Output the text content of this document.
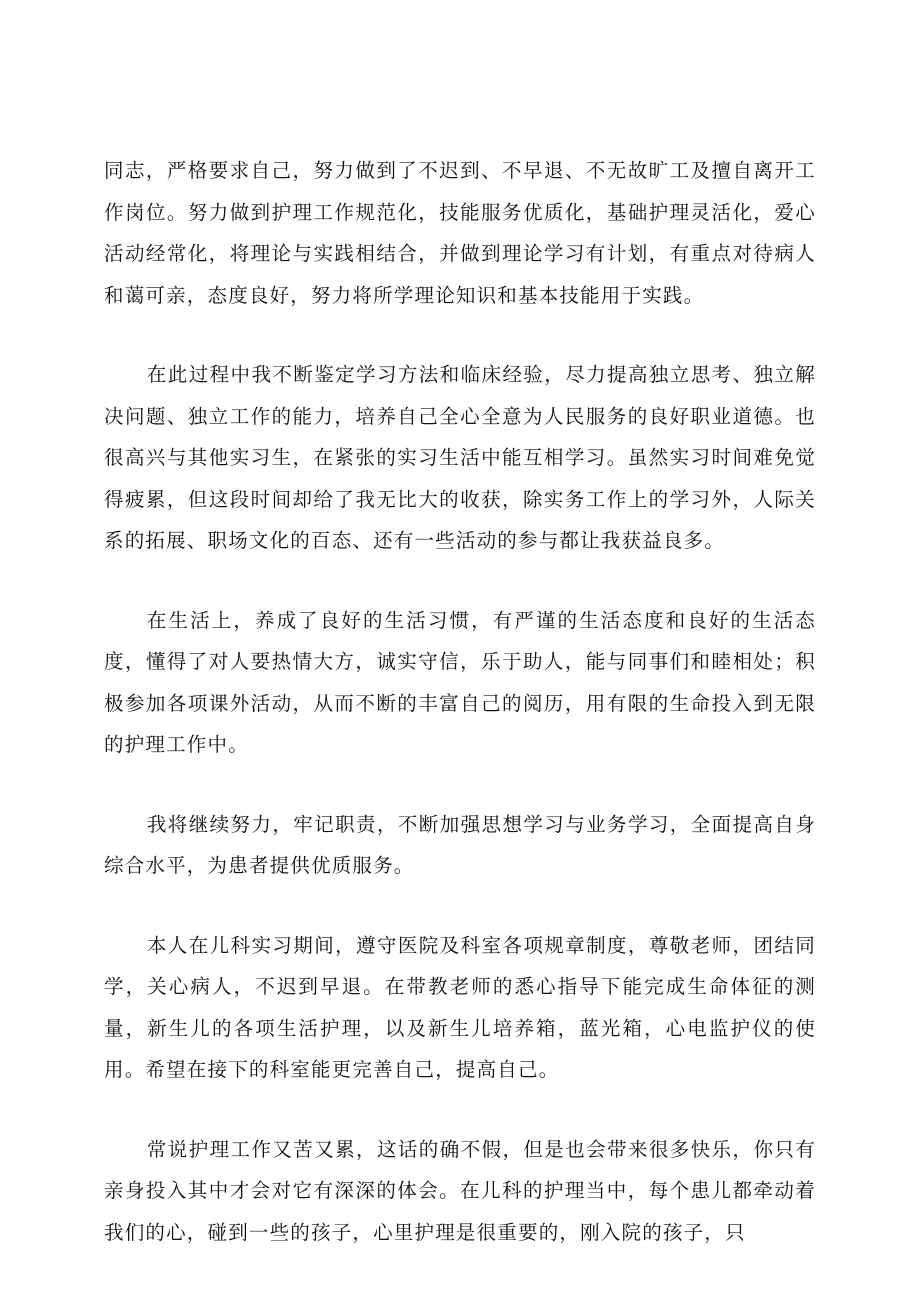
同志，严格要求自己，努力做到了不迟到、不早退、不无故旷工及擅自离开工作岗位。努力做到护理工作规范化，技能服务优质化，基础护理灵活化，爱心活动经常化，将理论与实践相结合，并做到理论学习有计划，有重点对待病人和蔼可亲，态度良好，努力将所学理论知识和基本技能用于实践。

在此过程中我不断鉴定学习方法和临床经验，尽力提高独立思考、独立解决问题、独立工作的能力，培养自己全心全意为人民服务的良好职业道德。也很高兴与其他实习生，在紧张的实习生活中能互相学习。虽然实习时间难免觉得疲累，但这段时间却给了我无比大的收获，除实务工作上的学习外，人际关系的拓展、职场文化的百态、还有一些活动的参与都让我获益良多。

在生活上，养成了良好的生活习惯，有严谨的生活态度和良好的生活态度，懂得了对人要热情大方，诚实守信，乐于助人，能与同事们和睦相处；积极参加各项课外活动，从而不断的丰富自己的阅历，用有限的生命投入到无限的护理工作中。

我将继续努力，牢记职责，不断加强思想学习与业务学习，全面提高自身综合水平，为患者提供优质服务。

本人在儿科实习期间，遵守医院及科室各项规章制度，尊敬老师，团结同学，关心病人，不迟到早退。在带教老师的悉心指导下能完成生命体征的测量，新生儿的各项生活护理，以及新生儿培养箱，蓝光箱，心电监护仪的使用。希望在接下的科室能更完善自己，提高自己。

常说护理工作又苦又累，这话的确不假，但是也会带来很多快乐，你只有亲身投入其中才会对它有深深的体会。在儿科的护理当中，每个患儿都牵动着我们的心，碰到一些的孩子，心里护理是很重要的，刚入院的孩子，只
